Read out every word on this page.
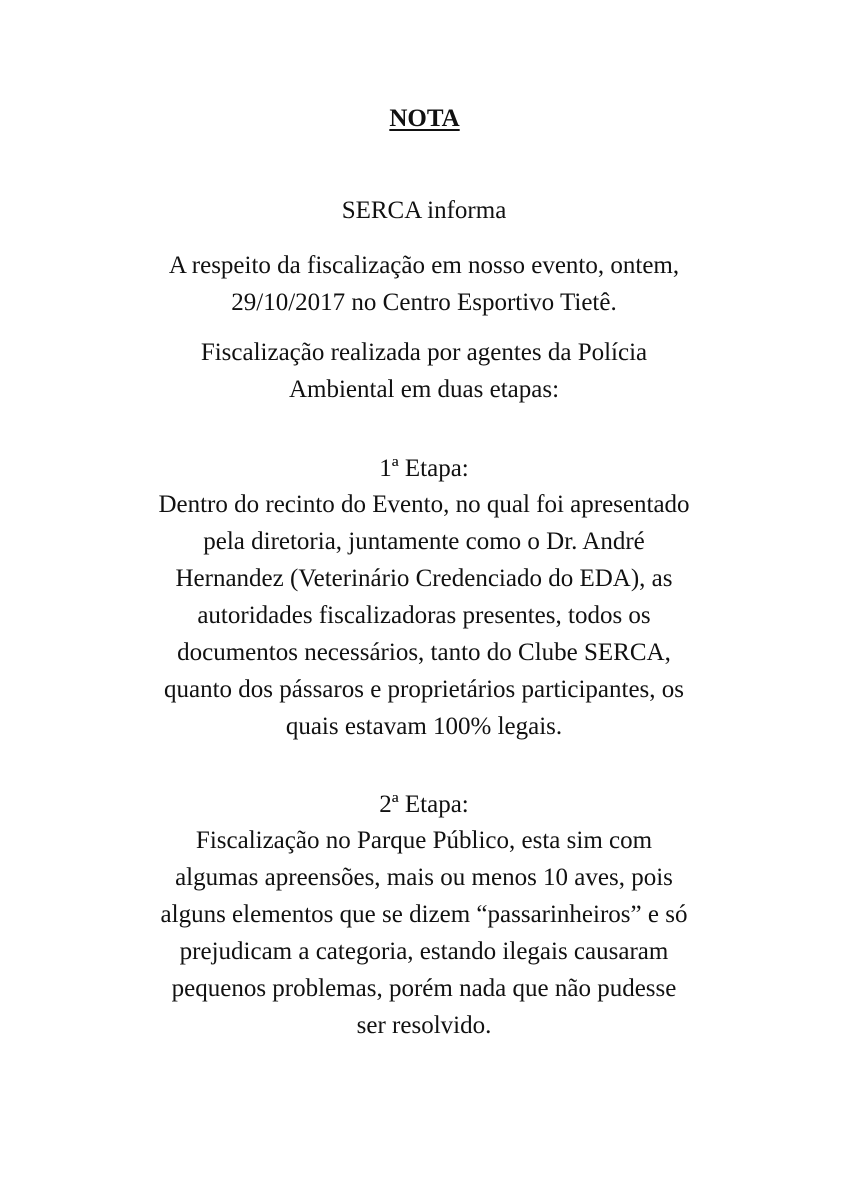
NOTA

SERCA informa

A respeito da fiscalização em nosso evento, ontem,
29/10/2017 no Centro Esportivo Tietê.

Fiscalização realizada por agentes da Polícia
Ambiental em duas etapas:

1ª Etapa:

Dentro do recinto do Evento, no qual foi apresentado
pela diretoria, juntamente como o Dr. André
Hernandez (Veterinário Credenciado do EDA), as
autoridades fiscalizadoras presentes, todos os
documentos necessários, tanto do Clube SERCA,
quanto dos pássaros e proprietários participantes, os
quais estavam 100% legais.

2ª Etapa:

Fiscalização no Parque Público, esta sim com
algumas apreensões, mais ou menos 10 aves, pois
alguns elementos que se dizem “passarinheiros” e só
prejudicam a categoria, estando ilegais causaram
pequenos problemas, porém nada que não pudesse
ser resolvido.
